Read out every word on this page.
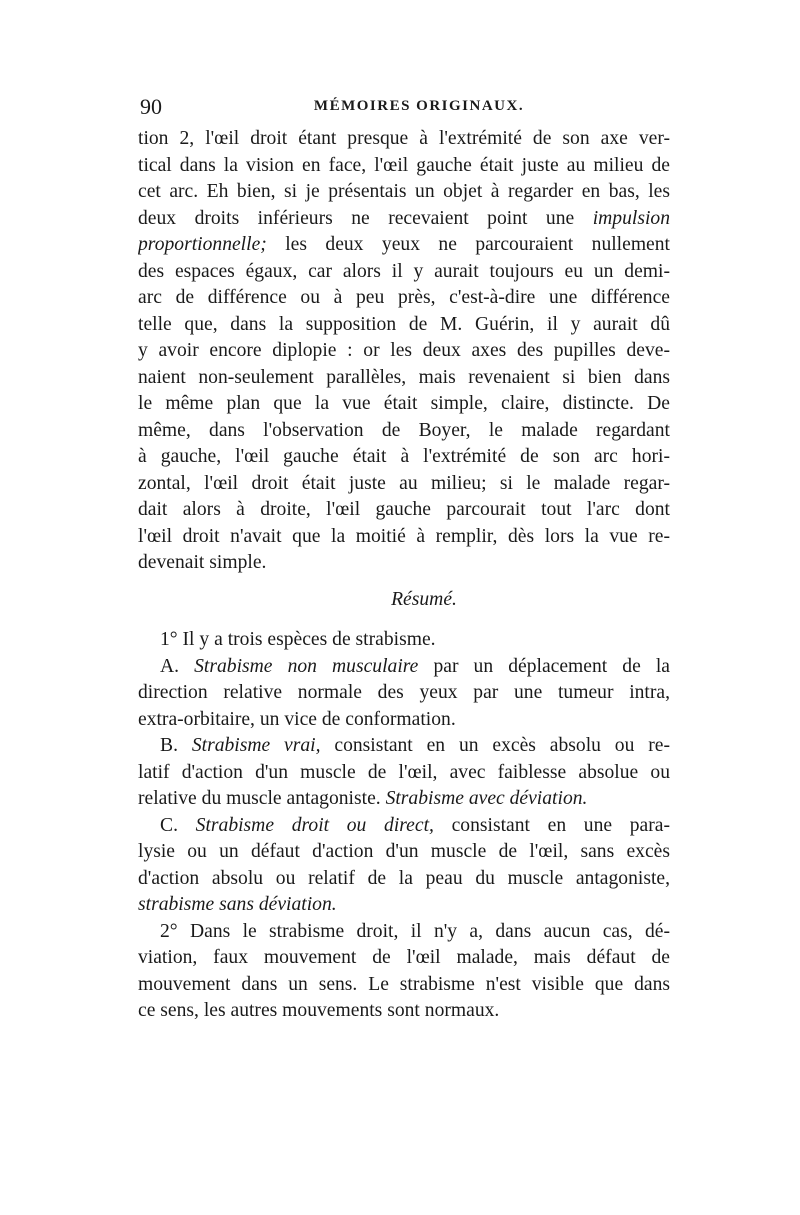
90	MÉMOIRES ORIGINAUX.
tion 2, l'œil droit étant presque à l'extrémité de son axe ver-
tical dans la vision en face, l'œil gauche était juste au milieu de
cet arc. Eh bien, si je présentais un objet à regarder en bas, les
deux droits inférieurs ne recevaient point une impulsion
proportionnelle; les deux yeux ne parcouraient nullement
des espaces égaux, car alors il y aurait toujours eu un demi-
arc de différence ou à peu près, c'est-à-dire une différence
telle que, dans la supposition de M. Guérin, il y aurait dû
y avoir encore diplopie : or les deux axes des pupilles deve-
naient non-seulement parallèles, mais revenaient si bien dans
le même plan que la vue était simple, claire, distincte. De
même, dans l'observation de Boyer, le malade regardant
à gauche, l'œil gauche était à l'extrémité de son arc hori-
zontal, l'œil droit était juste au milieu; si le malade regar-
dait alors à droite, l'œil gauche parcourait tout l'arc dont
l'œil droit n'avait que la moitié à remplir, dès lors la vue re-
devenait simple.
Résumé.
1° Il y a trois espèces de strabisme.
A. Strabisme non musculaire par un déplacement de la
direction relative normale des yeux par une tumeur intra,
extra-orbitaire, un vice de conformation.
B. Strabisme vrai, consistant en un excès absolu ou re-
latif d'action d'un muscle de l'œil, avec faiblesse absolue ou
relative du muscle antagoniste. Strabisme avec déviation.
C. Strabisme droit ou direct, consistant en une para-
lysie ou un défaut d'action d'un muscle de l'œil, sans excès
d'action absolu ou relatif de la peau du muscle antagoniste,
strabisme sans déviation.
2° Dans le strabisme droit, il n'y a, dans aucun cas, dé-
viation, faux mouvement de l'œil malade, mais défaut de
mouvement dans un sens. Le strabisme n'est visible que dans
ce sens, les autres mouvements sont normaux.
